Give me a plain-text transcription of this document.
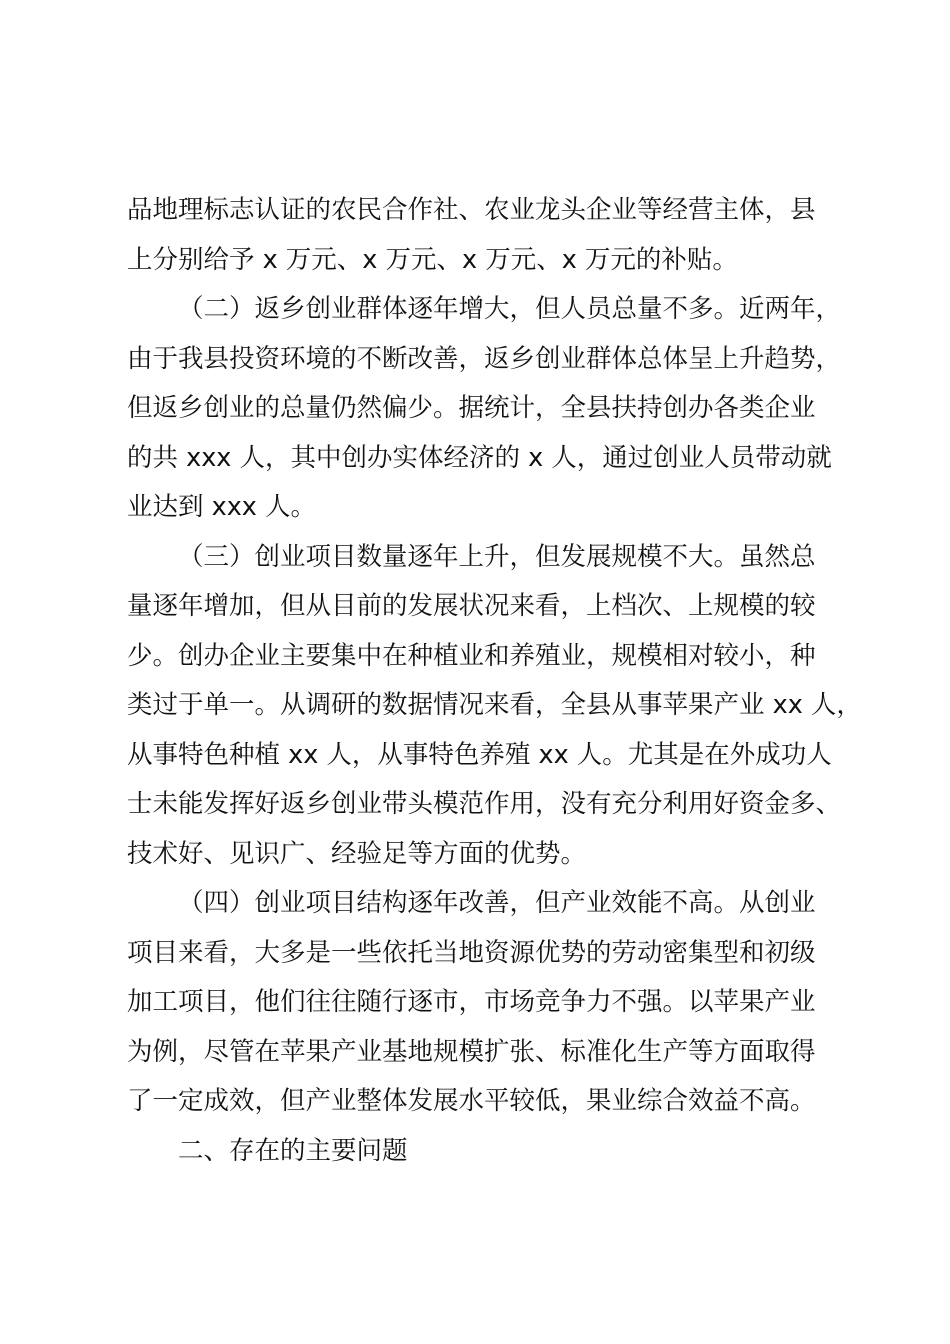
品地理标志认证的农民合作社、农业龙头企业等经营主体，县
上分别给予 x 万元、x 万元、x 万元、x 万元的补贴。
（二）返乡创业群体逐年增大，但人员总量不多。近两年，
由于我县投资环境的不断改善，返乡创业群体总体呈上升趋势，
但返乡创业的总量仍然偏少。据统计，全县扶持创办各类企业
的共 xxx 人，其中创办实体经济的 x 人，通过创业人员带动就
业达到 xxx 人。
（三）创业项目数量逐年上升，但发展规模不大。虽然总
量逐年增加，但从目前的发展状况来看，上档次、上规模的较
少。创办企业主要集中在种植业和养殖业，规模相对较小，种
类过于单一。从调研的数据情况来看，全县从事苹果产业 xx 人，
从事特色种植 xx 人，从事特色养殖 xx 人。尤其是在外成功人
士未能发挥好返乡创业带头模范作用，没有充分利用好资金多、
技术好、见识广、经验足等方面的优势。
（四）创业项目结构逐年改善，但产业效能不高。从创业
项目来看，大多是一些依托当地资源优势的劳动密集型和初级
加工项目，他们往往随行逐市，市场竞争力不强。以苹果产业
为例，尽管在苹果产业基地规模扩张、标准化生产等方面取得
了一定成效，但产业整体发展水平较低，果业综合效益不高。
二、存在的主要问题
